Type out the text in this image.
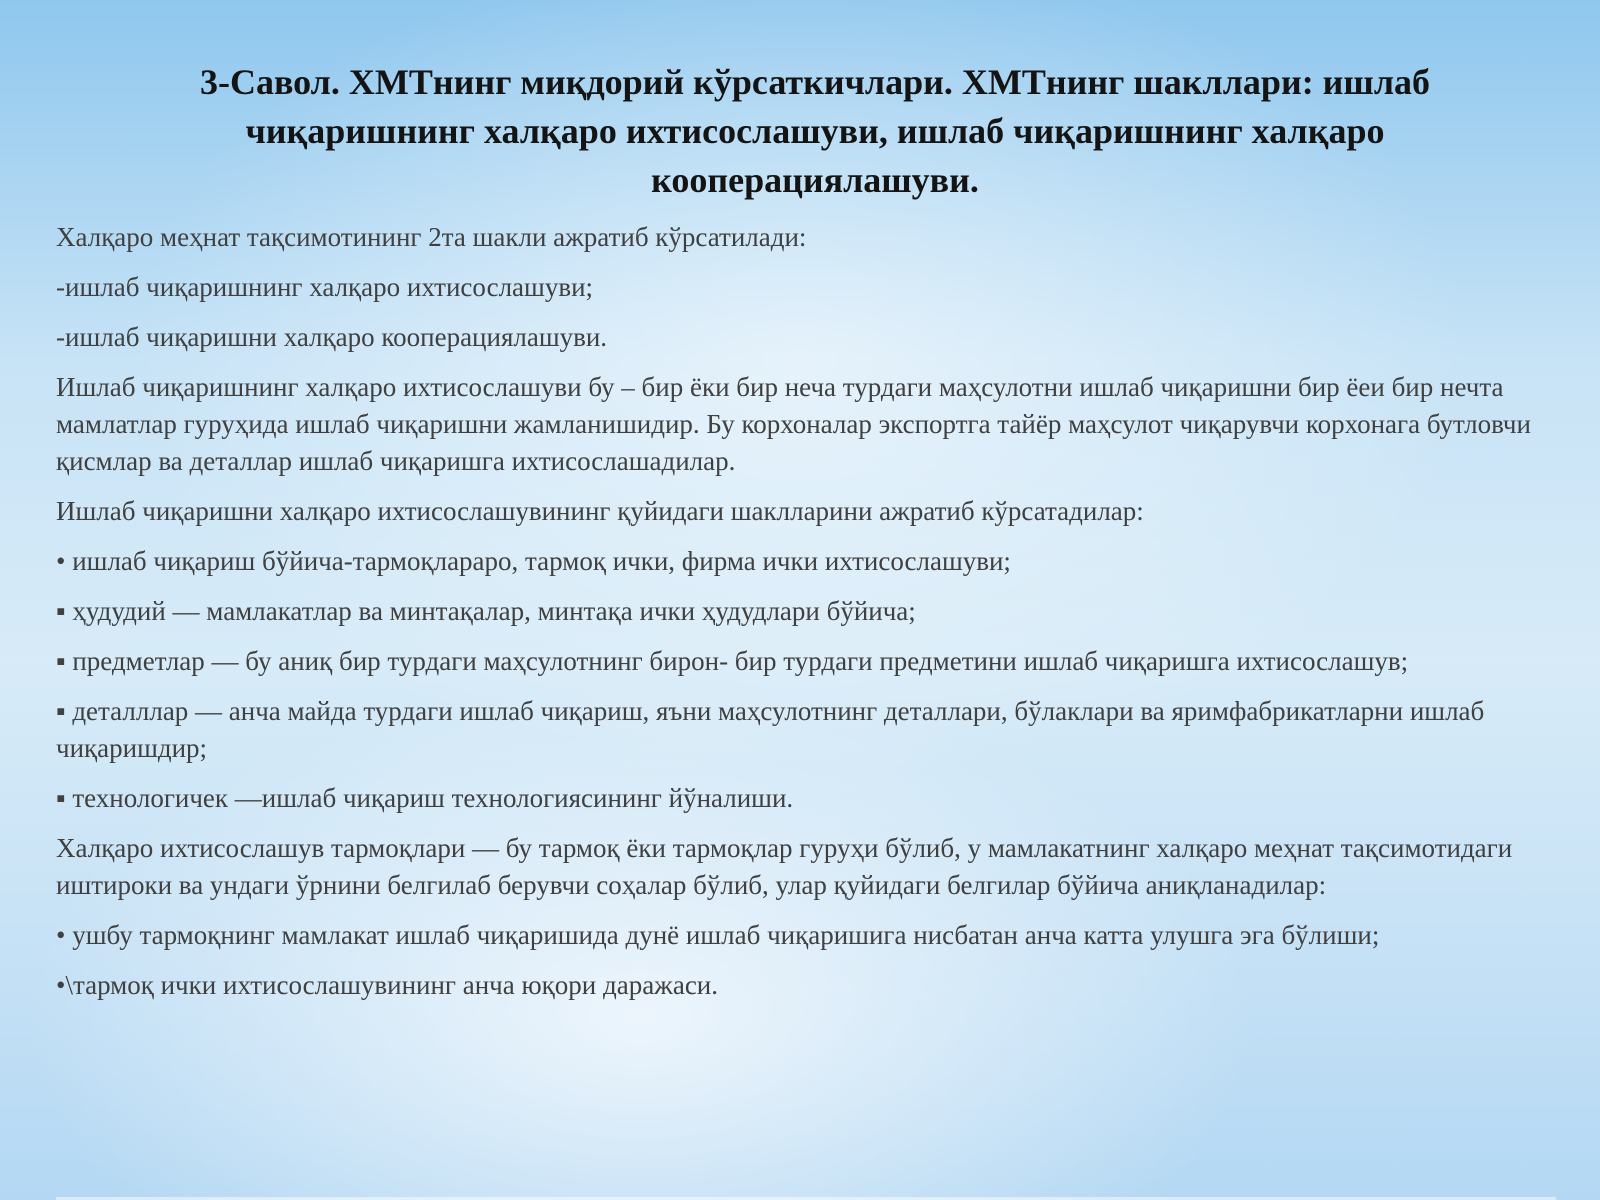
3-Савол. ХМТнинг миқдорий кўрсаткичлари. ХМТнинг шакллари: ишлаб чиқаришнинг халқаро ихтисослашуви, ишлаб чиқаришнинг халқаро кооперациялашуви.

Халқаро меҳнат тақсимотининг 2та шакли ажратиб кўрсатилади:

-ишлаб чиқаришнинг халқаро ихтисослашуви;

-ишлаб чиқаришни халқаро кооперациялашуви.

Ишлаб чиқаришнинг халқаро ихтисослашуви бу – бир ёки бир неча турдаги маҳсулотни ишлаб чиқаришни бир ёеи бир нечта мамлатлар гуруҳида ишлаб чиқаришни жамланишидир. Бу корхоналар экспортга тайёр маҳсулот чиқарувчи корхонага бутловчи қисмлар ва деталлар ишлаб чиқаришга ихтисослашадилар.

Ишлаб чиқаришни халқаро ихтисослашувининг қуйидаги шаклларини ажратиб кўрсатадилар:

• ишлаб чиқариш бўйича-тармоқлараро, тармоқ ички, фирма ички ихтисослашуви;

▪ ҳудудий — мамлакатлар ва минтақалар, минтақа ички ҳудудлари бўйича;

▪ предметлар — бу аниқ бир турдаги маҳсулотнинг бирон- бир турдаги предметини ишлаб чиқаришга ихтисослашув;

▪ деталллар — анча майда турдаги ишлаб чиқариш, яъни маҳсулотнинг деталлари, бўлаклари ва яримфабрикатларни ишлаб чиқаришдир;

▪ технологичек —ишлаб чиқариш технологиясининг йўналиши.

Халқаро ихтисослашув тармоқлари — бу тармоқ ёки тармоқлар гуруҳи бўлиб, у мамлакатнинг халқаро меҳнат тақсимотидаги иштироки ва ундаги ўрнини белгилаб берувчи соҳалар бўлиб, улар қуйидаги белгилар бўйича аниқланадилар:

• ушбу тармоқнинг мамлакат ишлаб чиқаришида дунё ишлаб чиқаришига нисбатан анча катта улушга эга бўлиши;

•\тармоқ ички ихтисослашувининг анча юқори даражаси.
